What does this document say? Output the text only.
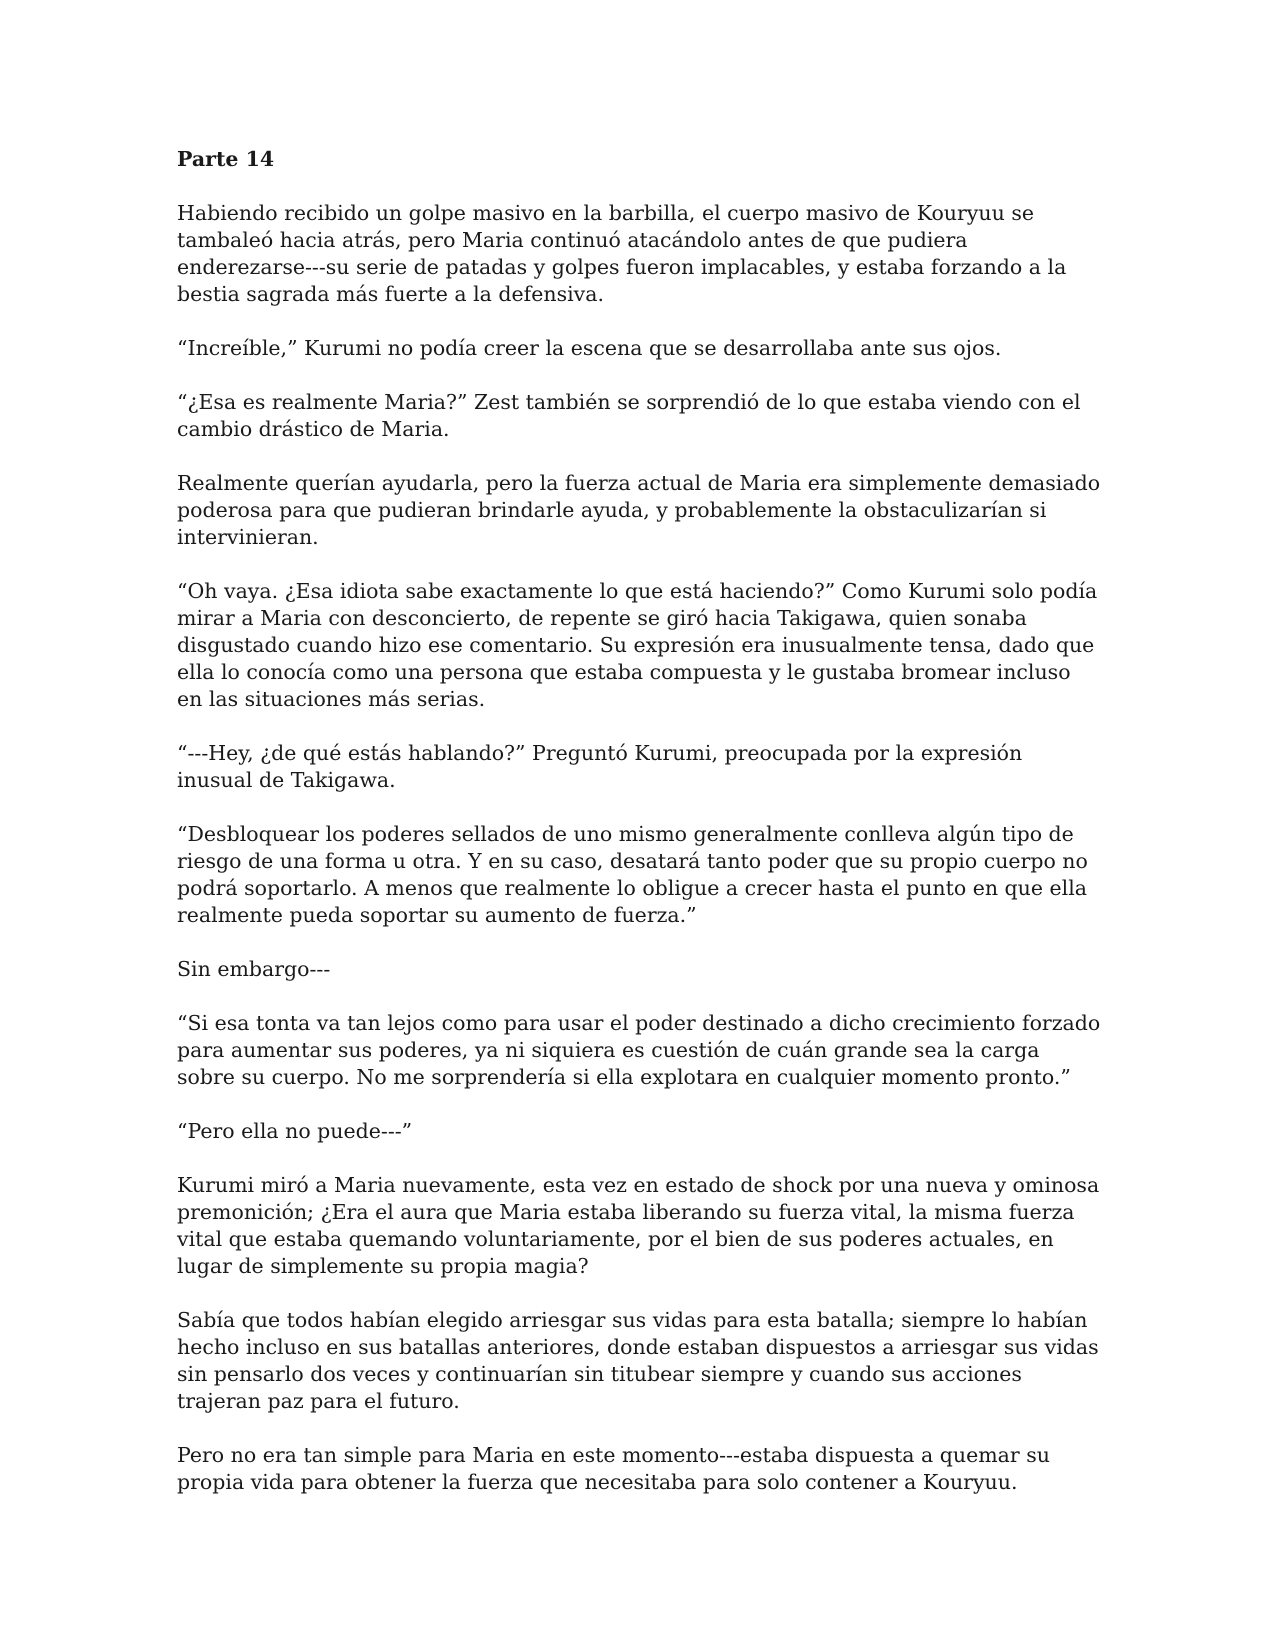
Parte 14

Habiendo recibido un golpe masivo en la barbilla, el cuerpo masivo de Kouryuu se tambaleó hacia atrás, pero Maria continuó atacándolo antes de que pudiera enderezarse---su serie de patadas y golpes fueron implacables, y estaba forzando a la bestia sagrada más fuerte a la defensiva.

“Increíble,” Kurumi no podía creer la escena que se desarrollaba ante sus ojos.

“¿Esa es realmente Maria?” Zest también se sorprendió de lo que estaba viendo con el cambio drástico de Maria.

Realmente querían ayudarla, pero la fuerza actual de Maria era simplemente demasiado poderosa para que pudieran brindarle ayuda, y probablemente la obstaculizarían si intervinieran.

“Oh vaya. ¿Esa idiota sabe exactamente lo que está haciendo?” Como Kurumi solo podía mirar a Maria con desconcierto, de repente se giró hacia Takigawa, quien sonaba disgustado cuando hizo ese comentario. Su expresión era inusualmente tensa, dado que ella lo conocía como una persona que estaba compuesta y le gustaba bromear incluso en las situaciones más serias.

“---Hey, ¿de qué estás hablando?” Preguntó Kurumi, preocupada por la expresión inusual de Takigawa.

“Desbloquear los poderes sellados de uno mismo generalmente conlleva algún tipo de riesgo de una forma u otra. Y en su caso, desatará tanto poder que su propio cuerpo no podrá soportarlo. A menos que realmente lo obligue a crecer hasta el punto en que ella realmente pueda soportar su aumento de fuerza.”

Sin embargo---

“Si esa tonta va tan lejos como para usar el poder destinado a dicho crecimiento forzado para aumentar sus poderes, ya ni siquiera es cuestión de cuán grande sea la carga sobre su cuerpo. No me sorprendería si ella explotara en cualquier momento pronto.”

“Pero ella no puede---”

Kurumi miró a Maria nuevamente, esta vez en estado de shock por una nueva y ominosa premonición; ¿Era el aura que Maria estaba liberando su fuerza vital, la misma fuerza vital que estaba quemando voluntariamente, por el bien de sus poderes actuales, en lugar de simplemente su propia magia?

Sabía que todos habían elegido arriesgar sus vidas para esta batalla; siempre lo habían hecho incluso en sus batallas anteriores, donde estaban dispuestos a arriesgar sus vidas sin pensarlo dos veces y continuarían sin titubear siempre y cuando sus acciones trajeran paz para el futuro.

Pero no era tan simple para Maria en este momento---estaba dispuesta a quemar su propia vida para obtener la fuerza que necesitaba para solo contener a Kouryuu.
